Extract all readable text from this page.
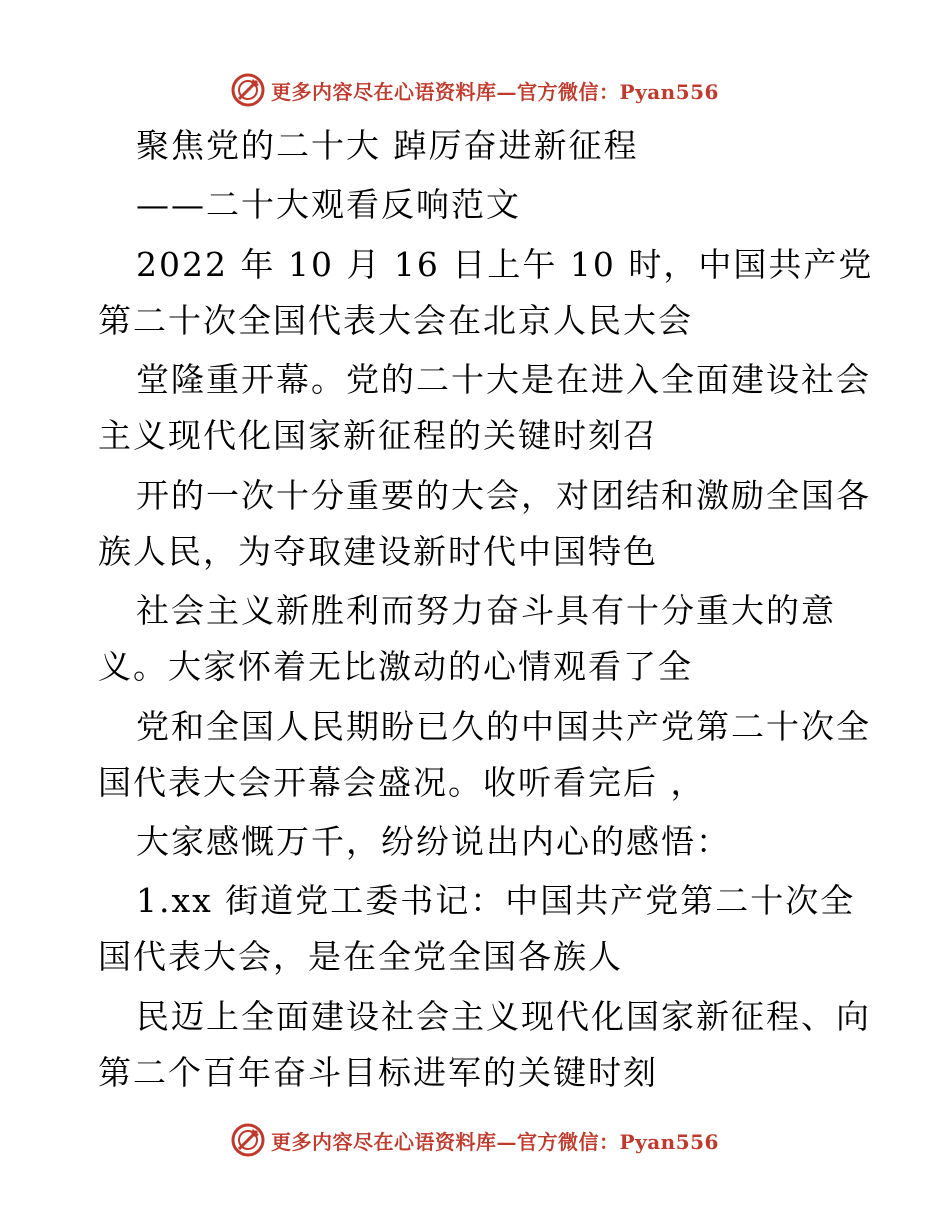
更多内容尽在心语资料库—官方微信：Pyan556
聚焦党的二十大 踔厉奋进新征程
——二十大观看反响范文
2022 年 10 月 16 日上午 10 时，中国共产党
第二十次全国代表大会在北京人民大会
堂隆重开幕。党的二十大是在进入全面建设社会
主义现代化国家新征程的关键时刻召
开的一次十分重要的大会，对团结和激励全国各
族人民，为夺取建设新时代中国特色
社会主义新胜利而努力奋斗具有十分重大的意
义。大家怀着无比激动的心情观看了全
党和全国人民期盼已久的中国共产党第二十次全
国代表大会开幕会盛况。收听看完后 ，
大家感慨万千，纷纷说出内心的感悟：
1.xx 街道党工委书记：中国共产党第二十次全
国代表大会，是在全党全国各族人
民迈上全面建设社会主义现代化国家新征程、向
第二个百年奋斗目标进军的关键时刻
更多内容尽在心语资料库—官方微信：Pyan556
